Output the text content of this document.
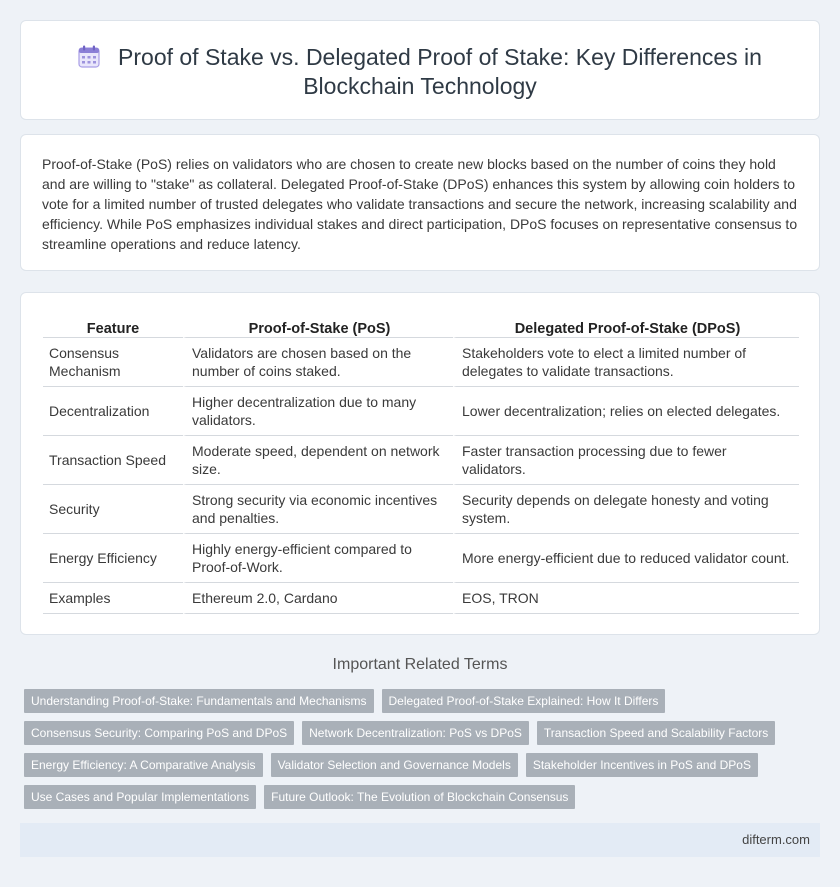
Proof of Stake vs. Delegated Proof of Stake: Key Differences in Blockchain Technology

Proof-of-Stake (PoS) relies on validators who are chosen to create new blocks based on the number of coins they hold and are willing to "stake" as collateral. Delegated Proof-of-Stake (DPoS) enhances this system by allowing coin holders to vote for a limited number of trusted delegates who validate transactions and secure the network, increasing scalability and efficiency. While PoS emphasizes individual stakes and direct participation, DPoS focuses on representative consensus to streamline operations and reduce latency.

Feature	Proof-of-Stake (PoS)	Delegated Proof-of-Stake (DPoS)
Consensus Mechanism	Validators are chosen based on the number of coins staked.	Stakeholders vote to elect a limited number of delegates to validate transactions.
Decentralization	Higher decentralization due to many validators.	Lower decentralization; relies on elected delegates.
Transaction Speed	Moderate speed, dependent on network size.	Faster transaction processing due to fewer validators.
Security	Strong security via economic incentives and penalties.	Security depends on delegate honesty and voting system.
Energy Efficiency	Highly energy-efficient compared to Proof-of-Work.	More energy-efficient due to reduced validator count.
Examples	Ethereum 2.0, Cardano	EOS, TRON
Important Related Terms
Understanding Proof-of-Stake: Fundamentals and Mechanisms	Delegated Proof-of-Stake Explained: How It Differs
Consensus Security: Comparing PoS and DPoS	Network Decentralization: PoS vs DPoS	Transaction Speed and Scalability Factors
Energy Efficiency: A Comparative Analysis	Validator Selection and Governance Models	Stakeholder Incentives in PoS and DPoS
Use Cases and Popular Implementations	Future Outlook: The Evolution of Blockchain Consensus
difterm.com
